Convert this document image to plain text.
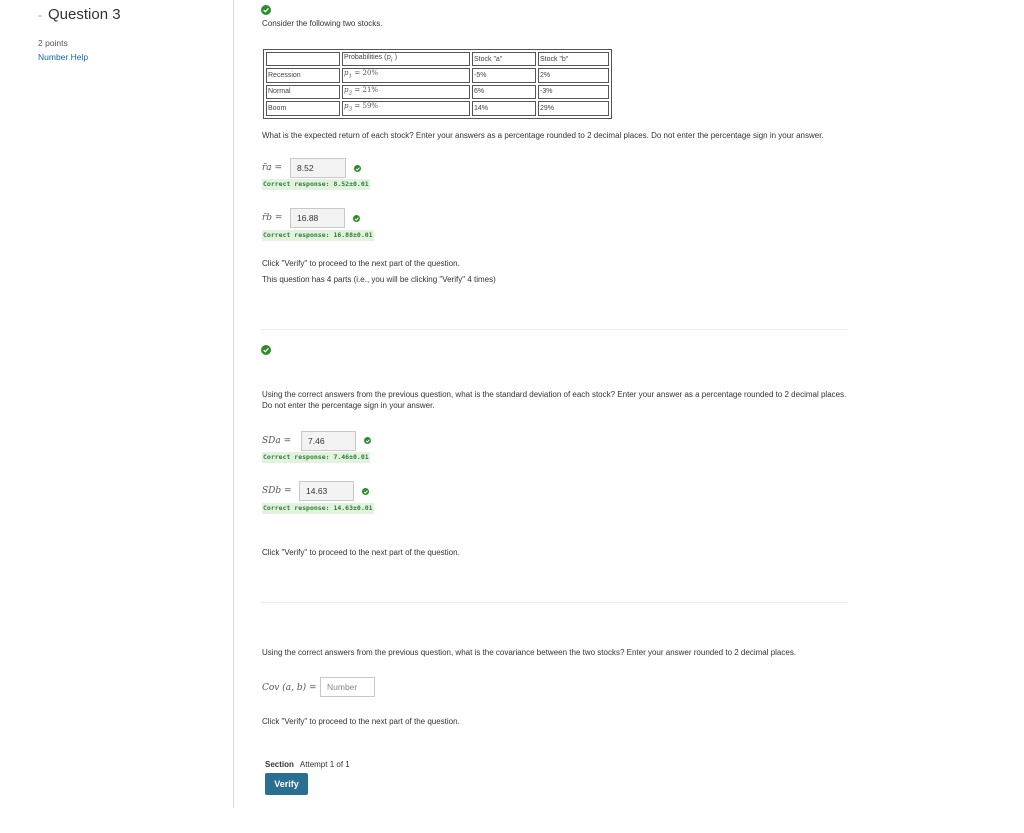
- Question 3
2 points
Number Help
Consider the following two stocks.
	Probabilities ($p_i$ )	Stock "a"	Stock "b"
Recession	$p_1 = 20\%$	-5%	2%
Normal	$p_2 = 21\%$	6%	-3%
Boom	$p_3 = 59\%$	14%	29%
What is the expected return of each stock? Enter your answers as a percentage rounded to 2 decimal places. Do not enter the percentage sign in your answer.
r̄a =	8.52
Correct response: 8.52±0.01
r̄b =	16.88
Correct response: 16.88±0.01
Click "Verify" to proceed to the next part of the question.
This question has 4 parts (i.e., you will be clicking "Verify" 4 times)
Using the correct answers from the previous question, what is the standard deviation of each stock? Enter your answer as a percentage rounded to 2 decimal places. Do not enter the percentage sign in your answer.
SDa =	7.46
Correct response: 7.46±0.01
SDb =	14.63
Correct response: 14.63±0.01
Click "Verify" to proceed to the next part of the question.
Using the correct answers from the previous question, what is the covariance between the two stocks? Enter your answer rounded to 2 decimal places.
Cov (a, b) =	Number
Click "Verify" to proceed to the next part of the question.
Section Attempt 1 of 1
Verify
